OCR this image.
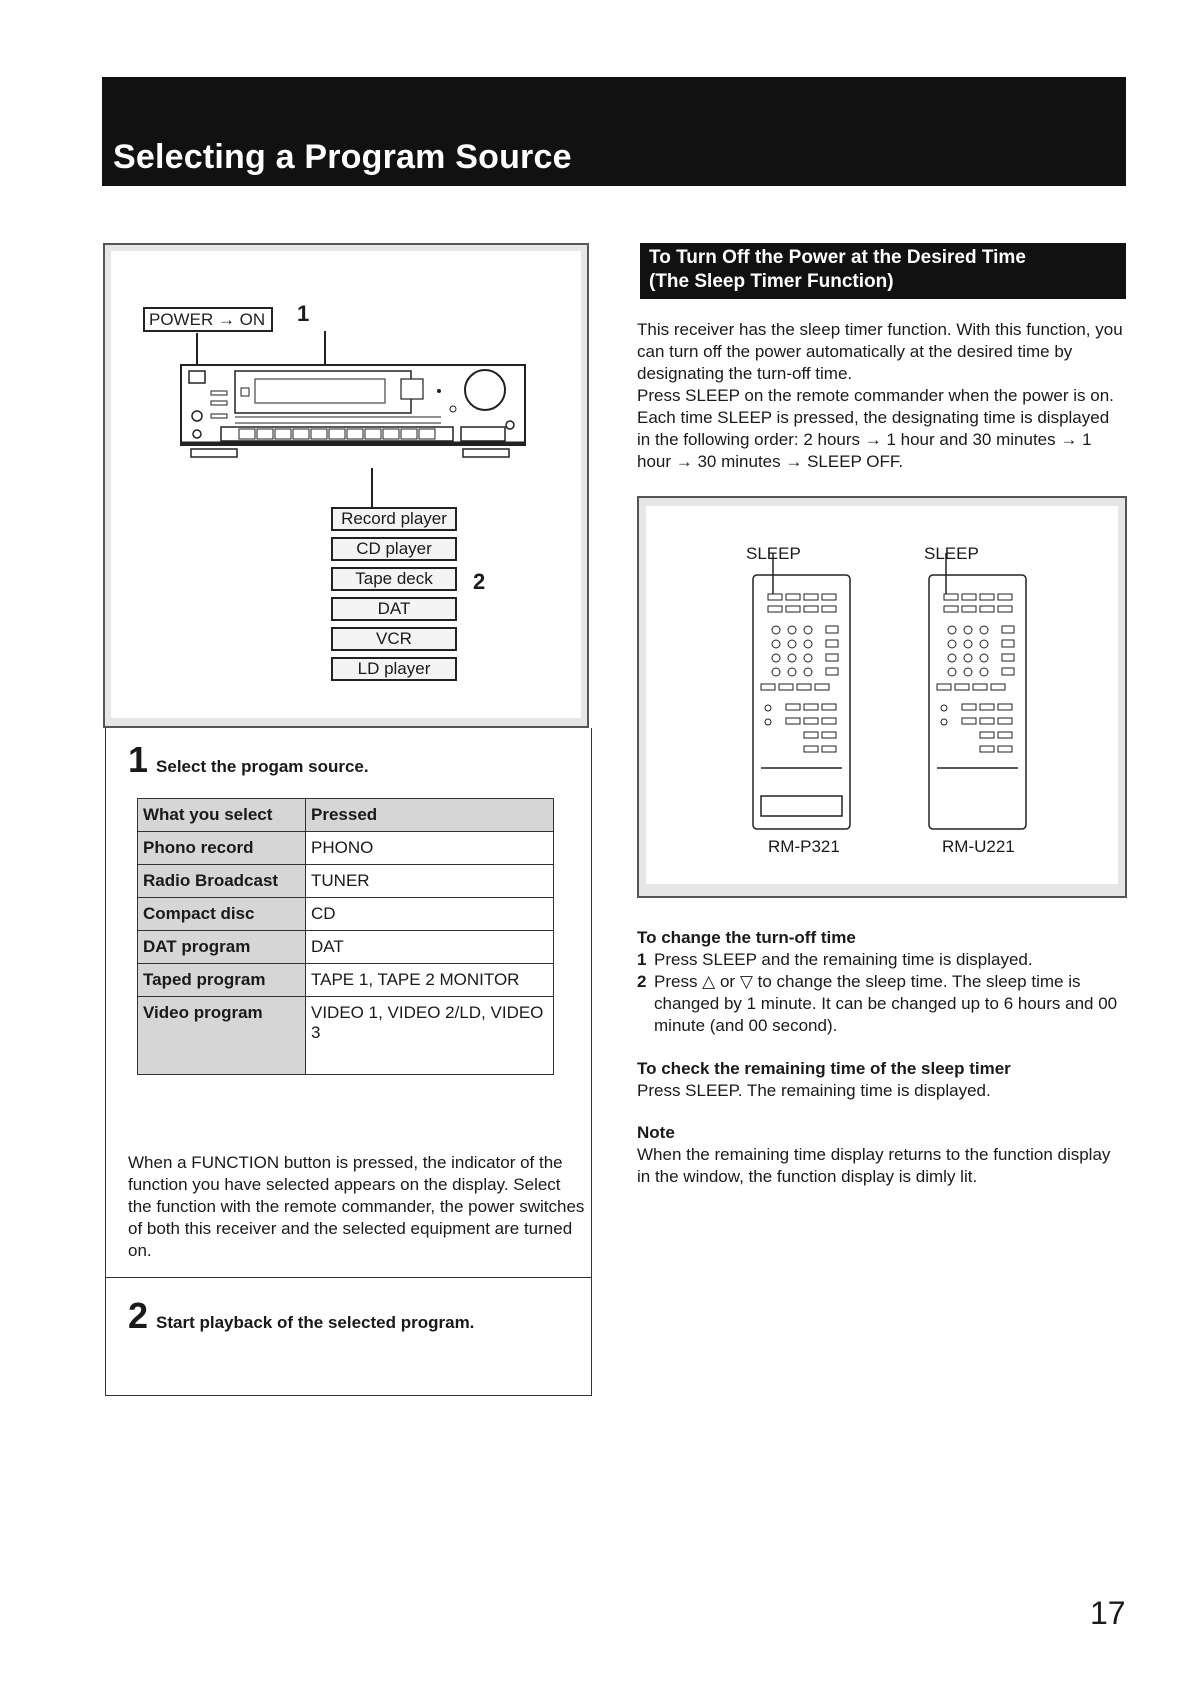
Selecting a Program Source
POWER → ON	1
2
Record player
CD player
Tape deck
DAT
VCR
LD player
1 Select the progam source.
What you select	Pressed
Phono record	PHONO
Radio Broadcast	TUNER
Compact disc	CD
DAT program	DAT
Taped program	TAPE 1, TAPE 2 MONITOR
Video program	VIDEO 1, VIDEO 2/LD, VIDEO 3

When a FUNCTION button is pressed, the indicator of the function you have selected appears on the display. Select the function with the remote commander, the power switches of both this receiver and the selected equipment are turned on.

2 Start playback of the selected program.
To Turn Off the Power at the Desired Time
(The Sleep Timer Function)

This receiver has the sleep timer function. With this function, you can turn off the power automatically at the desired time by designating the turn-off time.

Press SLEEP on the remote commander when the power is on. Each time SLEEP is pressed, the designating time is displayed in the following order: 2 hours → 1 hour and 30 minutes → 1 hour → 30 minutes → SLEEP OFF.

SLEEP	SLEEP
RM-P321	RM-U221

To change the turn-off time

1 Press SLEEP and the remaining time is displayed.
2 Press △ or ▽ to change the sleep time. The sleep time is changed by 1 minute. It can be changed up to 6 hours and 00 minute (and 00 second).

To check the remaining time of the sleep timer

Press SLEEP. The remaining time is displayed.

Note

When the remaining time display returns to the function display in the window, the function display is dimly lit.

17
